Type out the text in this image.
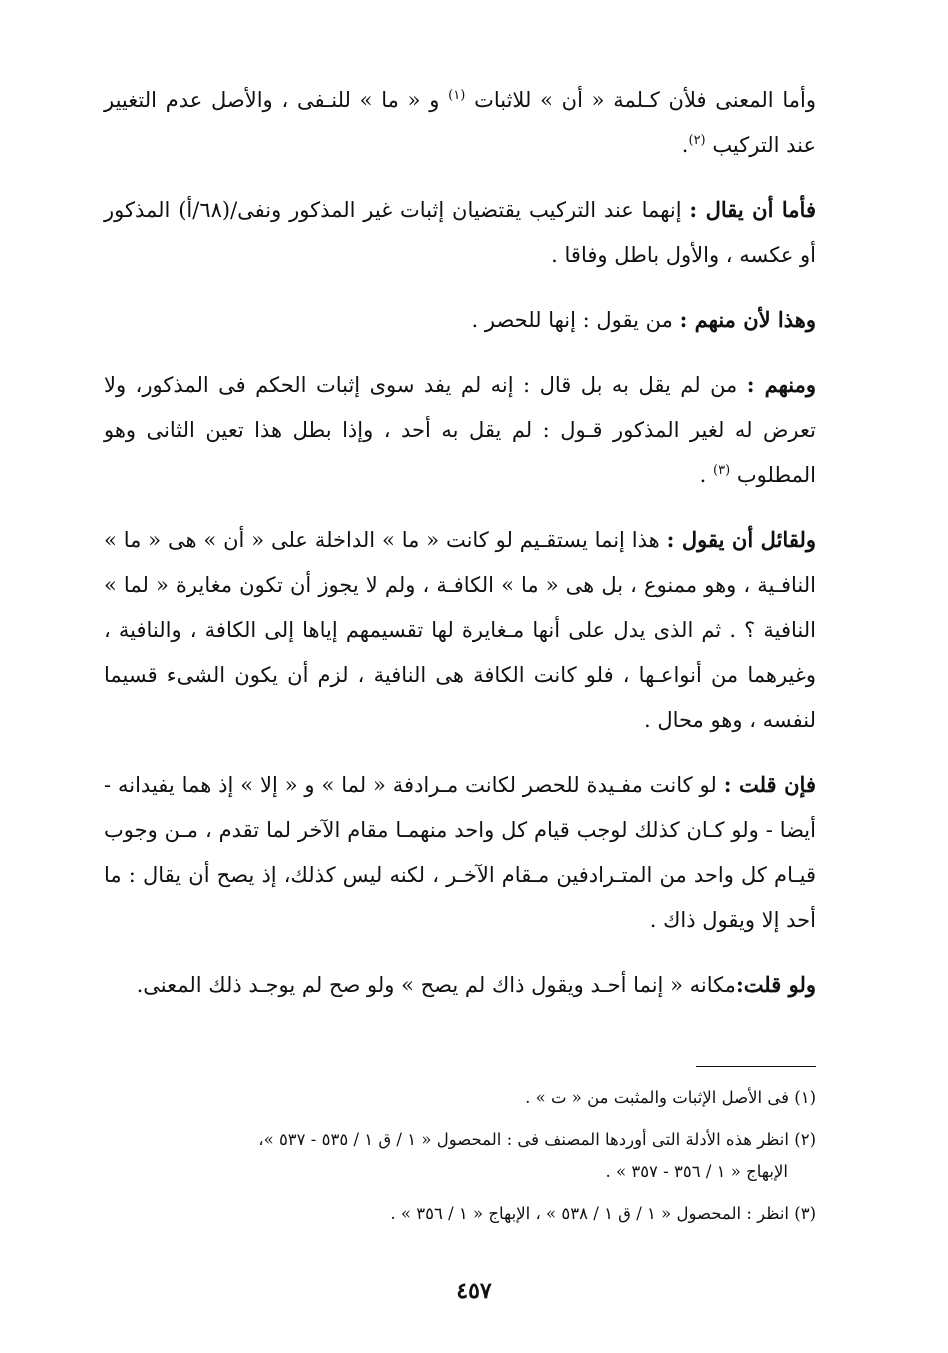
وأما المعنى فلأن كـلمة « أن » للاثبات $^{(١)}$ و « ما » للنـفى ، والأصل عدم التغيير عند التركيب $^{(٢)}$.

فأما أن يقال : إنهما عند التركيب يقتضيان إثبات غير المذكور ونفى/(٦٨/أ) المذكور أو عكسه ، والأول باطل وفاقا .

وهذا لأن منهم : من يقول : إنها للحصر .

ومنهم : من لم يقل به بل قال : إنه لم يفد سوى إثبات الحكم فى المذكور، ولا تعرض له لغير المذكور قـول : لم يقل به أحد ، وإذا بطل هذا تعين الثانى وهو المطلوب $^{(٣)}$ .

ولقائل أن يقول : هذا إنما يستقـيم لو كانت « ما » الداخلة على « أن » هى « ما » النافـية ، وهو ممنوع ، بل هى « ما » الكافـة ، ولم لا يجوز أن تكون مغايرة « لما » النافية ؟ . ثم الذى يدل على أنها مـغايرة لها تقسيمهم إياها إلى الكافة ، والنافية ، وغيرهما من أنواعـها ، فلو كانت الكافة هى النافية ، لزم أن يكون الشىء قسيما لنفسه ، وهو محال .

فإن قلت : لو كانت مفـيدة للحصر لكانت مـرادفة « لما » و « إلا » إذ هما يفيدانه - أيضا - ولو كـان كذلك لوجب قيام كل واحد منهمـا مقام الآخر لما تقدم ، مـن وجوب قيـام كل واحد من المتـرادفين مـقام الآخـر ، لكنه ليس كذلك، إذ يصح أن يقال : ما أحد إلا ويقول ذاك .

ولو قلت:مكانه « إنما أحـد ويقول ذاك لم يصح » ولو صح لم يوجـد ذلك المعنى.

(١) فى الأصل الإثبات والمثبت من « ت » .

(٢) انظر هذه الأدلة التى أوردها المصنف فى : المحصول « ١ / ق ١ / ٥٣٥ - ٥٣٧ »،
الإبهاج « ١ / ٣٥٦ - ٣٥٧ » .

(٣) انظر : المحصول « ١ / ق ١ / ٥٣٨ » ، الإبهاج « ١ / ٣٥٦ » .

٤٥٧
